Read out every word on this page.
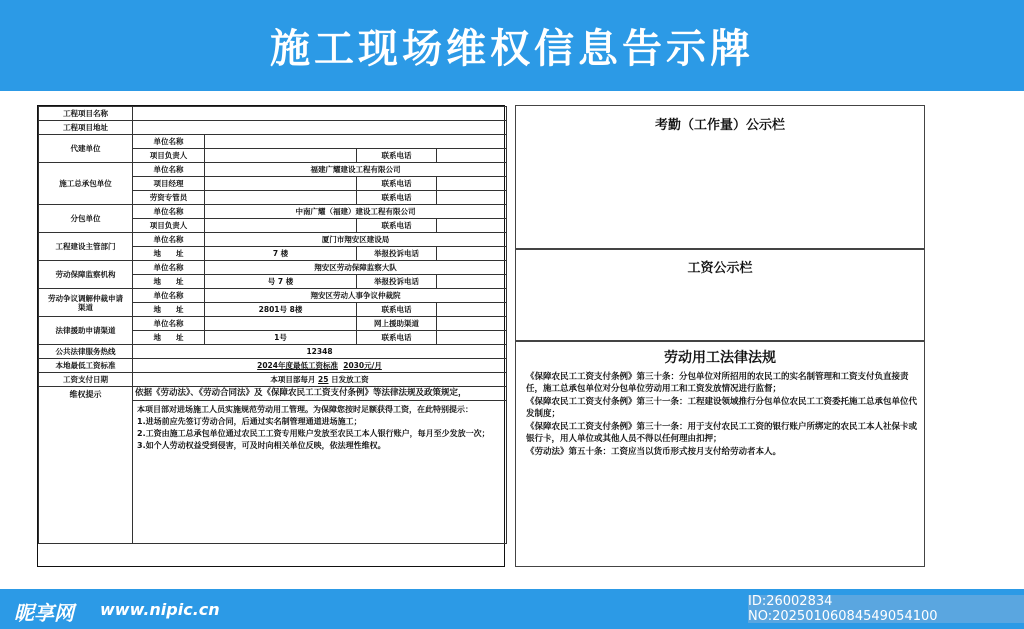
施工现场维权信息告示牌
工程项目名称				
工程项目地址				
代建单位	单位名称			
	项目负责人		联系电话	
施工总承包单位	单位名称	福建广耀建设工程有限公司		
	项目经理		联系电话	
	劳资专管员		联系电话	
分包单位	单位名称	中南广耀（福建）建设工程有限公司		
	项目负责人		联系电话	
工程建设主管部门	单位名称	厦门市翔安区建设局		
	地　　址	7 楼	举报投诉电话	
劳动保障监察机构	单位名称	翔安区劳动保障监察大队		
	地　　址	号 7 楼	举报投诉电话	
劳动争议调解仲裁申请
渠道	单位名称	翔安区劳动人事争议仲裁院		
	地　　址	2801号 8楼	联系电话	
法律援助申请渠道	单位名称		网上援助渠道	
	地　　址	1号	联系电话	
公共法律服务热线	12348			
本地最低工资标准	2024年度最低工资标准 2030元/月			
工资支付日期	本项目部每月 25 日发放工资			
维权提示	依据《劳动法》、《劳动合同法》及《保障农民工工资支付条例》等法律法规及政策规定，			

	本项目部对进场施工人员实施规范劳动用工管理。为保障您按时足额获得工资，在此特别提示：
1.进场前应先签订劳动合同，后通过实名制管理通道进场施工；
2.工资由施工总承包单位通过农民工工资专用账户发放至农民工本人银行账户，每月至少发放一次；
3.如个人劳动权益受到侵害，可及时向相关单位反映，依法理性维权。			
考勤（工作量）公示栏
工资公示栏
劳动用工法律法规

《保障农民工工资支付条例》第三十条：分包单位对所招用的农民工的实名制管理和工资支付负直接责任，施工总承包单位对分包单位劳动用工和工资发放情况进行监督；

《保障农民工工资支付条例》第三十一条：工程建设领域推行分包单位农民工工资委托施工总承包单位代发制度；

《保障农民工工资支付条例》第三十一条：用于支付农民工工资的银行账户所绑定的农民工本人社保卡或银行卡，用人单位或其他人员不得以任何理由扣押；

《劳动法》第五十条：工资应当以货币形式按月支付给劳动者本人。

昵享网 www.nipic.cn	ID:26002834 NO:20250106084549054100
